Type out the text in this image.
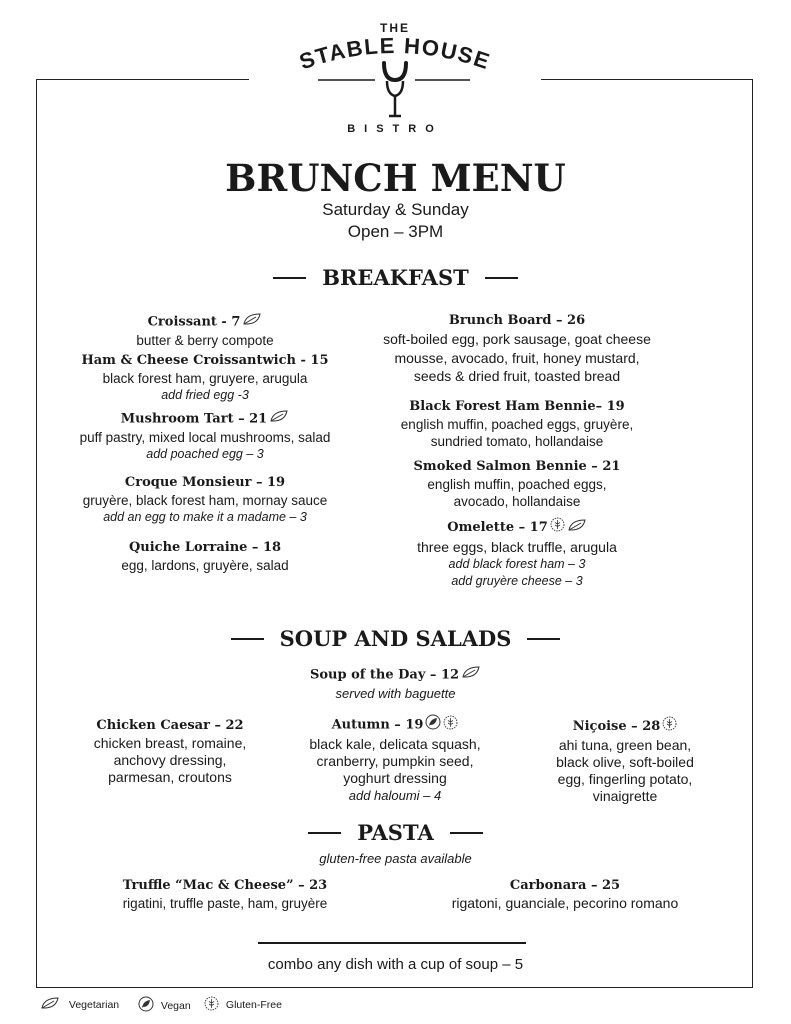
THE
STABLE HOUSE
BISTRO
BRUNCH MENU
Saturday & Sunday
Open – 3PM
BREAKFAST
Croissant - 7
butter & berry compote
Ham & Cheese Croissantwich - 15
black forest ham, gruyere, arugula
add fried egg -3
Mushroom Tart – 21
puff pastry, mixed local mushrooms, salad
add poached egg – 3
Croque Monsieur – 19
gruyère, black forest ham, mornay sauce
add an egg to make it a madame – 3
Quiche Lorraine – 18
egg, lardons, gruyère, salad
Brunch Board – 26
soft-boiled egg, pork sausage, goat cheese
mousse, avocado, fruit, honey mustard,
seeds & dried fruit, toasted bread
Black Forest Ham Bennie– 19
english muffin, poached eggs, gruyère,
sundried tomato, hollandaise
Smoked Salmon Bennie – 21
english muffin, poached eggs,
avocado, hollandaise
Omelette – 17
three eggs, black truffle, arugula
add black forest ham – 3
add gruyère cheese – 3
SOUP AND SALADS
Soup of the Day – 12
served with baguette
Chicken Caesar – 22
chicken breast, romaine,
anchovy dressing,
parmesan, croutons
Autumn – 19
black kale, delicata squash,
cranberry, pumpkin seed,
yoghurt dressing
add haloumi – 4
Niçoise – 28
ahi tuna, green bean,
black olive, soft-boiled
egg, fingerling potato,
vinaigrette
PASTA
gluten-free pasta available
Truffle “Mac & Cheese” – 23
rigatini, truffle paste, ham, gruyère
Carbonara – 25
rigatoni, guanciale, pecorino romano
combo any dish with a cup of soup – 5
Vegetarian	Vegan	Gluten-Free
